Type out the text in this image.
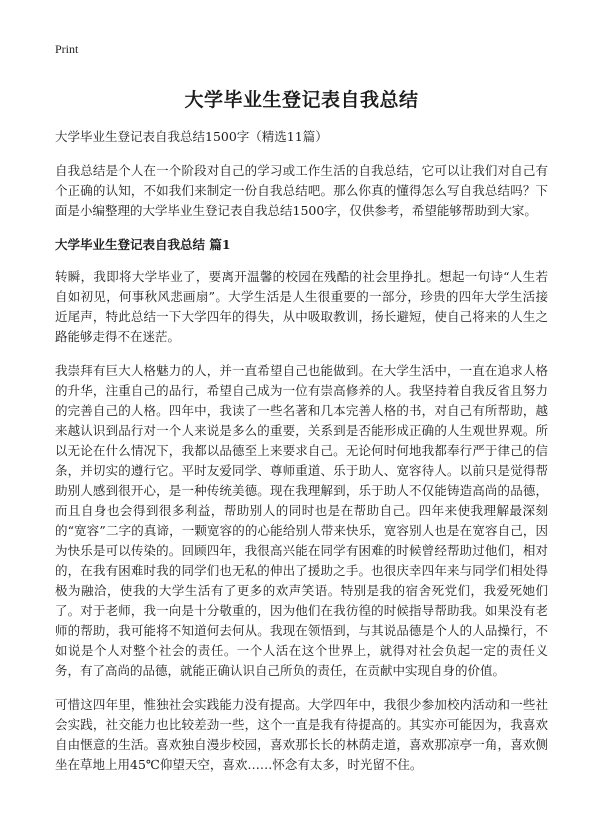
Print
大学毕业生登记表自我总结

大学毕业生登记表自我总结1500字（精选11篇）

自我总结是个人在一个阶段对自己的学习或工作生活的自我总结，它可以让我们对自己有个正确的认知，不如我们来制定一份自我总结吧。那么你真的懂得怎么写自我总结吗？下面是小编整理的大学毕业生登记表自我总结1500字，仅供参考，希望能够帮助到大家。

大学毕业生登记表自我总结 篇1

转瞬，我即将大学毕业了，要离开温馨的校园在残酷的社会里挣扎。想起一句诗“人生若自如初见，何事秋风悲画扇”。大学生活是人生很重要的一部分，珍贵的四年大学生活接近尾声，特此总结一下大学四年的得失，从中吸取教训，扬长避短，使自己将来的人生之路能够走得不在迷茫。

我崇拜有巨大人格魅力的人，并一直希望自己也能做到。在大学生活中，一直在追求人格的升华，注重自己的品行，希望自己成为一位有崇高修养的人。我坚持着自我反省且努力的完善自己的人格。四年中，我读了一些名著和几本完善人格的书，对自己有所帮助，越来越认识到品行对一个人来说是多么的重要，关系到是否能形成正确的人生观世界观。所以无论在什么情况下，我都以品德至上来要求自己。无论何时何地我都奉行严于律己的信条，并切实的遵行它。平时友爱同学、尊师重道、乐于助人、宽容待人。以前只是觉得帮助别人感到很开心，是一种传统美德。现在我理解到，乐于助人不仅能铸造高尚的品德，而且自身也会得到很多利益，帮助别人的同时也是在帮助自己。四年来使我理解最深刻的“宽容”二字的真谛，一颗宽容的的心能给别人带来快乐，宽容别人也是在宽容自己，因为快乐是可以传染的。回顾四年，我很高兴能在同学有困难的时候曾经帮助过他们，相对的，在我有困难时我的同学们也无私的伸出了援助之手。也很庆幸四年来与同学们相处得极为融洽，使我的大学生活有了更多的欢声笑语。特别是我的宿舍死党们，我爱死她们了。对于老师，我一向是十分敬重的，因为他们在我彷徨的时候指导帮助我。如果没有老师的帮助，我可能将不知道何去何从。我现在领悟到，与其说品德是个人的人品操行，不如说是个人对整个社会的责任。一个人活在这个世界上，就得对社会负起一定的责任义务，有了高尚的品德，就能正确认识自己所负的责任，在贡献中实现自身的价值。

可惜这四年里，惟独社会实践能力没有提高。大学四年中，我很少参加校内活动和一些社会实践，社交能力也比较差劲一些，这个一直是我有待提高的。其实亦可能因为，我喜欢自由惬意的生活。喜欢独自漫步校园，喜欢那长长的林荫走道，喜欢那凉亭一角，喜欢侧坐在草地上用45℃仰望天空，喜欢……怀念有太多，时光留不住。
